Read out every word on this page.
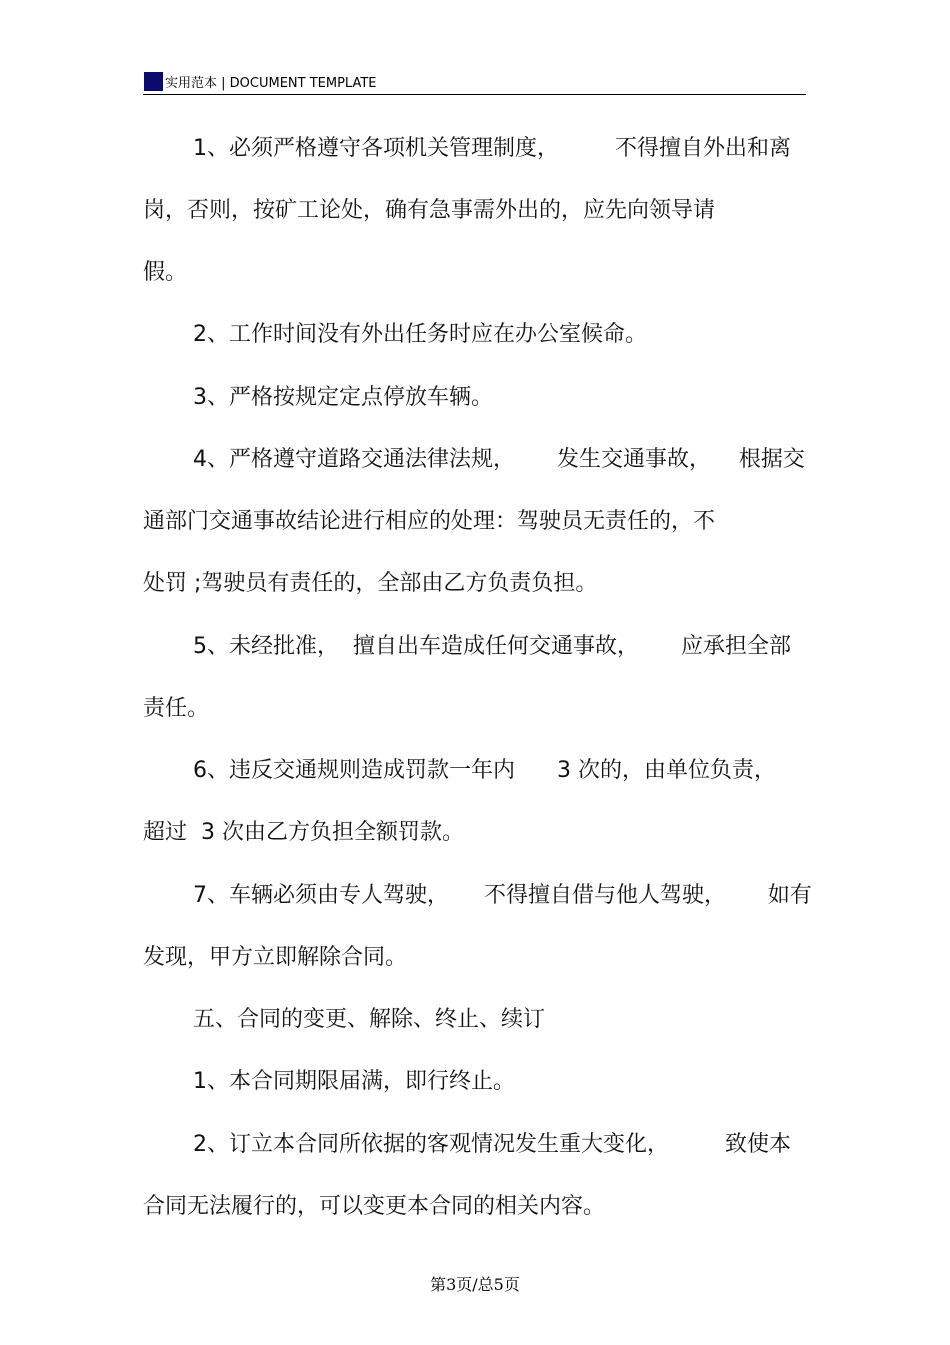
实用范本 | DOCUMENT TEMPLATE
1、必须严格遵守各项机关管理制度，        不得擅自外出和离
岗，否则，按矿工论处，确有急事需外出的，应先向领导请
假。
2、工作时间没有外出任务时应在办公室候命。
3、严格按规定定点停放车辆。
4、严格遵守道路交通法律法规，      发生交通事故，    根据交
通部门交通事故结论进行相应的处理：驾驶员无责任的，不
处罚 ;驾驶员有责任的，全部由乙方负责负担。
5、未经批准，  擅自出车造成任何交通事故，      应承担全部
责任。
6、违反交通规则造成罚款一年内      3 次的，由单位负责，
超过  3 次由乙方负担全额罚款。
7、车辆必须由专人驾驶，     不得擅自借与他人驾驶，      如有
发现，甲方立即解除合同。
五、合同的变更、解除、终止、续订
1、本合同期限届满，即行终止。
2、订立本合同所依据的客观情况发生重大变化，        致使本
合同无法履行的，可以变更本合同的相关内容。
第3页/总5页
